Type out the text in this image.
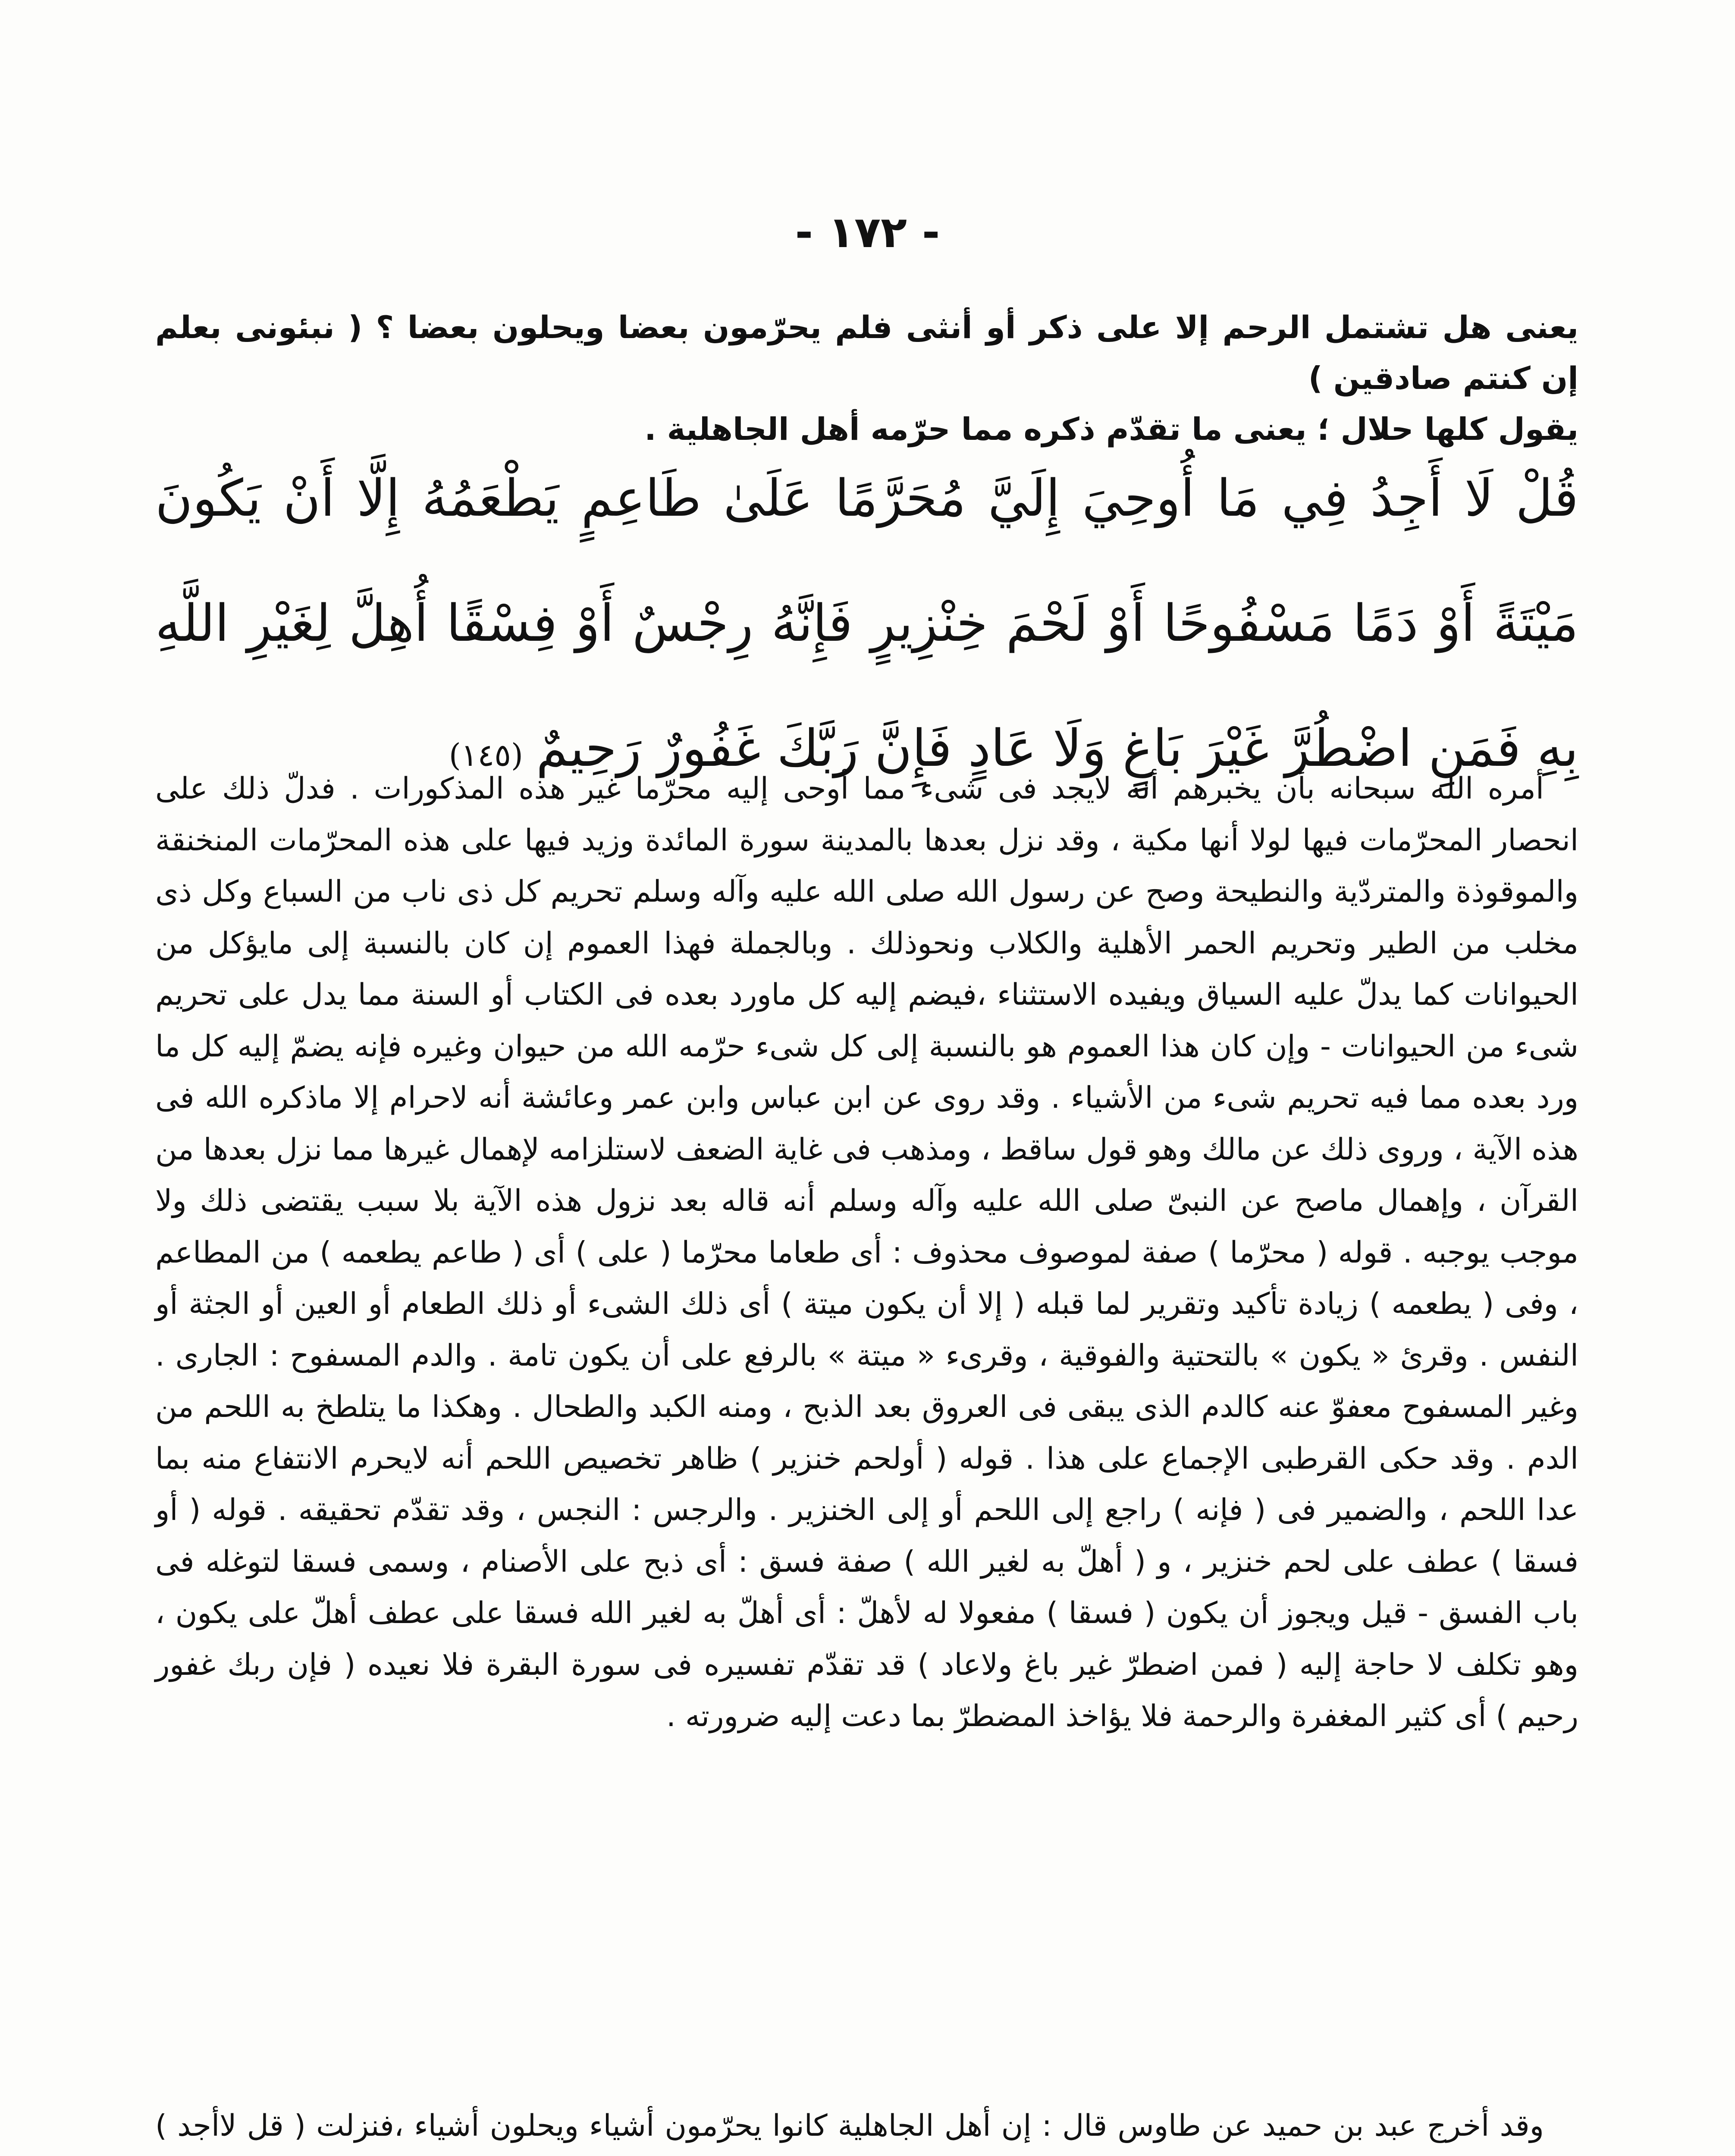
- ١٧٢ -

يعنى هل تشتمل الرحم إلا على ذكر أو أنثى فلم يحرّمون بعضا ويحلون بعضا ؟ ( نبئونى بعلم إن كنتم صادقين )

يقول كلها حلال ؛ يعنى ما تقدّم ذكره مما حرّمه أهل الجاهلية .

قُلْ لَا أَجِدُ فِي مَا أُوحِيَ إِلَيَّ مُحَرَّمًا عَلَىٰ طَاعِمٍ يَطْعَمُهُ إِلَّا أَنْ يَكُونَ مَيْتَةً أَوْ دَمًا مَسْفُوحًا أَوْ لَحْمَ خِنْزِيرٍ فَإِنَّهُ رِجْسٌ أَوْ فِسْقًا أُهِلَّ لِغَيْرِ اللَّهِ بِهِ فَمَنِ اضْطُرَّ غَيْرَ بَاغٍ وَلَا عَادٍ فَإِنَّ رَبَّكَ غَفُورٌ رَحِيمٌ(١٤٥)

أمره الله سبحانه بأن يخبرهم أنه لايجد فى شىء مما أوحى إليه محرّما غير هذه المذكورات . فدلّ ذلك على انحصار المحرّمات فيها لولا أنها مكية ، وقد نزل بعدها بالمدينة سورة المائدة وزيد فيها على هذه المحرّمات المنخنقة والموقوذة والمتردّية والنطيحة وصح عن رسول الله صلى الله عليه وآله وسلم تحريم كل ذى ناب من السباع وكل ذى مخلب من الطير وتحريم الحمر الأهلية والكلاب ونحوذلك . وبالجملة فهذا العموم إن كان بالنسبة إلى مايؤكل من الحيوانات كما يدلّ عليه السياق ويفيده الاستثناء ،فيضم إليه كل ماورد بعده فى الكتاب أو السنة مما يدل على تحريم شىء من الحيوانات - وإن كان هذا العموم هو بالنسبة إلى كل شىء حرّمه الله من حيوان وغيره فإنه يضمّ إليه كل ما ورد بعده مما فيه تحريم شىء من الأشياء . وقد روى عن ابن عباس وابن عمر وعائشة أنه لاحرام إلا ماذكره الله فى هذه الآية ، وروى ذلك عن مالك وهو قول ساقط ، ومذهب فى غاية الضعف لاستلزامه لإهمال غيرها مما نزل بعدها من القرآن ، وإهمال ماصح عن النبىّ صلى الله عليه وآله وسلم أنه قاله بعد نزول هذه الآية بلا سبب يقتضى ذلك ولا موجب يوجبه . قوله ( محرّما ) صفة لموصوف محذوف : أى طعاما محرّما ( على ) أى ( طاعم يطعمه ) من المطاعم ، وفى ( يطعمه ) زيادة تأكيد وتقرير لما قبله ( إلا أن يكون ميتة ) أى ذلك الشىء أو ذلك الطعام أو العين أو الجثة أو النفس . وقرئ « يكون » بالتحتية والفوقية ، وقرىء « ميتة » بالرفع على أن يكون تامة . والدم المسفوح : الجارى . وغير المسفوح معفوّ عنه كالدم الذى يبقى فى العروق بعد الذبح ، ومنه الكبد والطحال . وهكذا ما يتلطخ به اللحم من الدم . وقد حكى القرطبى الإجماع على هذا . قوله ( أولحم خنزير ) ظاهر تخصيص اللحم أنه لايحرم الانتفاع منه بما عدا اللحم ، والضمير فى ( فإنه ) راجع إلى اللحم أو إلى الخنزير . والرجس : النجس ، وقد تقدّم تحقيقه . قوله ( أو فسقا ) عطف على لحم خنزير ، و ( أهلّ به لغير الله ) صفة فسق : أى ذبح على الأصنام ، وسمى فسقا لتوغله فى باب الفسق - قيل ويجوز أن يكون ( فسقا ) مفعولا له لأهلّ : أى أهلّ به لغير الله فسقا على عطف أهلّ على يكون ، وهو تكلف لا حاجة إليه ( فمن اضطرّ غير باغ ولاعاد ) قد تقدّم تفسيره فى سورة البقرة فلا نعيده ( فإن ربك غفور رحيم ) أى كثير المغفرة والرحمة فلا يؤاخذ المضطرّ بما دعت إليه ضرورته .

وقد أخرج عبد بن حميد عن طاوس قال : إن أهل الجاهلية كانوا يحرّمون أشياء ويحلون أشياء ،فنزلت ( قل لاأجد )
